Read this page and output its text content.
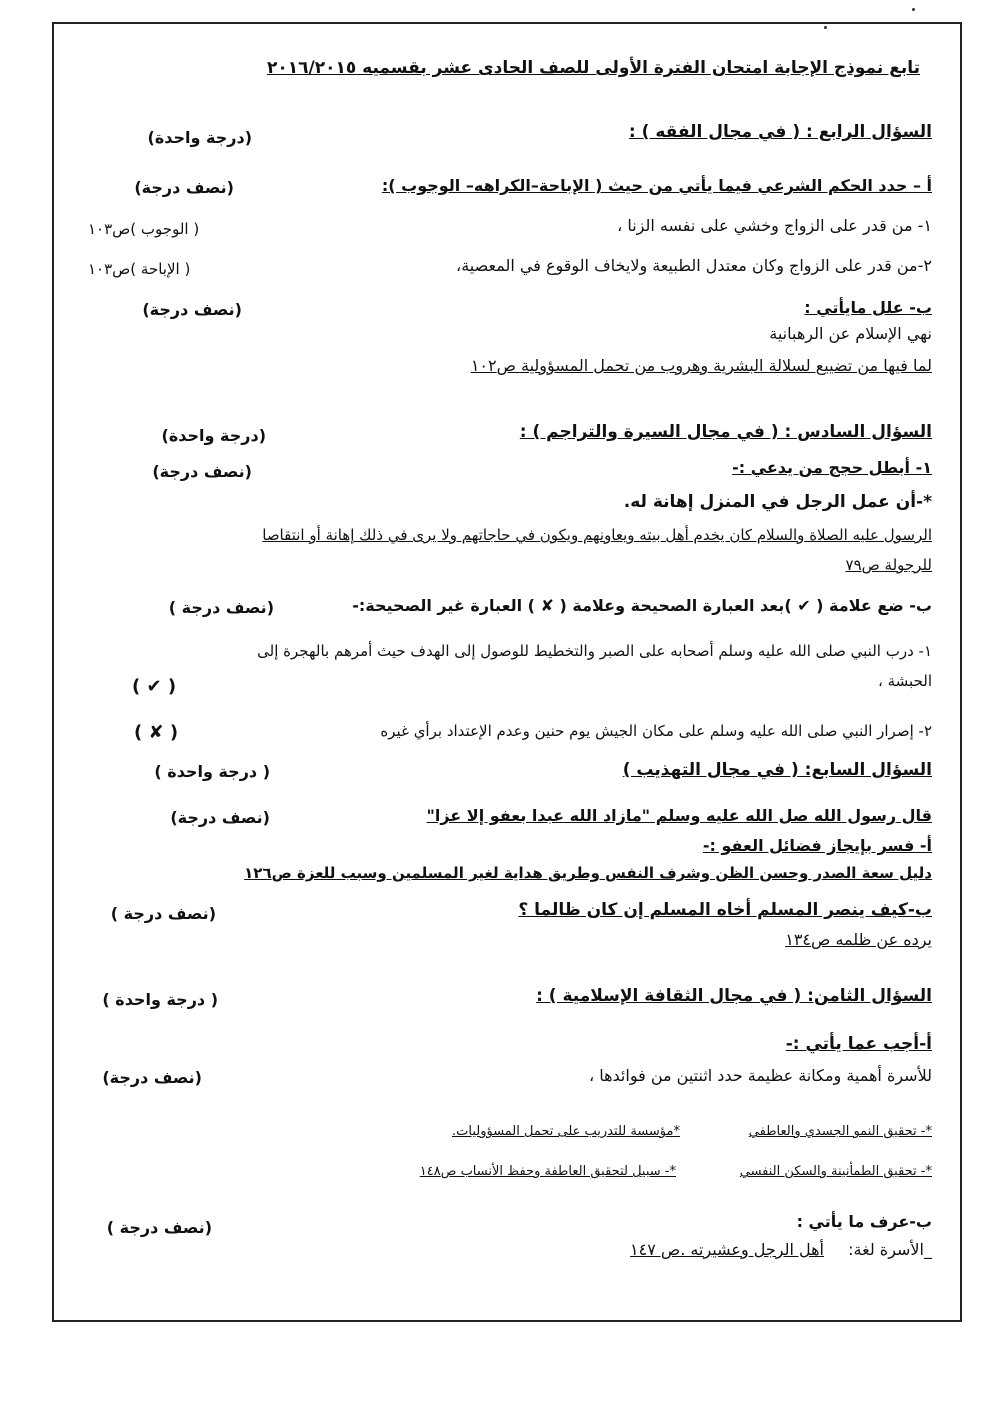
تابع نموذج الإجابة امتحان الفترة الأولى للصف الحادى عشر بقسميه ٢٠١٦/٢٠١٥
السؤال الرابع : ( في مجال الفقه ) :
(درجة واحدة)
أ – حدد الحكم الشرعي فيما يأتي من حيث ( الإباحة–الكراهه– الوجوب ):
(نصف درجة)
١- من قدر على الزواج وخشي على نفسه الزنا ،
( الوجوب )ص١٠٣
٢-من قدر على الزواج وكان معتدل الطبيعة ولايخاف الوقوع في المعصية،
( الإباحة )ص١٠٣
ب- علل مايأتي :
(نصف درجة)
نهي الإسلام عن الرهبانية
لما فيها من تضييع لسلالة البشرية وهروب من تحمل المسؤولية ص١٠٢
السؤال السادس : ( في مجال السيرة والتراجم ) :
(درجة واحدة)
١- أبطل حجج من يدعي :-
(نصف درجة)
*-أن عمل الرجل في المنزل إهانة له.
الرسول عليه الصلاة والسلام كان يخدم أهل بيته ويعاونهم ويكون في حاجاتهم ولا يرى في ذلك إهانة أو انتقاصا
للرجولة ص٧٩
ب- ضع علامة ( ✔ )بعد العبارة الصحيحة وعلامة ( ✘ ) العبارة غير الصحيحة:-
(نصف درجة )
١- درب النبي صلى الله عليه وسلم أصحابه على الصبر والتخطيط للوصول إلى الهدف حيث أمرهم بالهجرة إلى
الحبشة ،
( ✔ )
٢- إصرار النبي صلى الله عليه وسلم على مكان الجيش يوم حنين وعدم الإعتداد برأي غيره
( ✘ )
السؤال السابع: ( في مجال التهذيب )
( درجة واحدة )
قال رسول الله صل الله عليه وسلم "مازاد الله عبدا بعفو إلا عزا"
(نصف درجة)
أ- فسر بإيجاز فضائل العفو :-
دليل سعة الصدر وحسن الظن وشرف النفس وطريق هداية لغير المسلمين وسبب للعزة ص١٢٦
ب-كيف ينصر المسلم أخاه المسلم إن كان ظالما ؟
(نصف درجة )
يرده عن ظلمه ص١٣٤
السؤال الثامن: ( في مجال الثقافة الإسلامية ) :
( درجة واحدة )
أ-أجب عما يأتي :-
للأسرة أهمية ومكانة عظيمة حدد اثنتين من فوائدها ،
(نصف درجة)
*- تحقيق النمو الجسدي والعاطفي
*مؤسسة للتدريب على تحمل المسؤوليات.
*- تحقيق الطمأنينة والسكن النفسي
*- سبيل لتحقيق العاطفة وحفظ الأنساب ص١٤٨
ب-عرف ما يأتي :
(نصف درجة )
_الأسرة لغة:
أهل الرجل وعشيرته .ص ١٤٧
